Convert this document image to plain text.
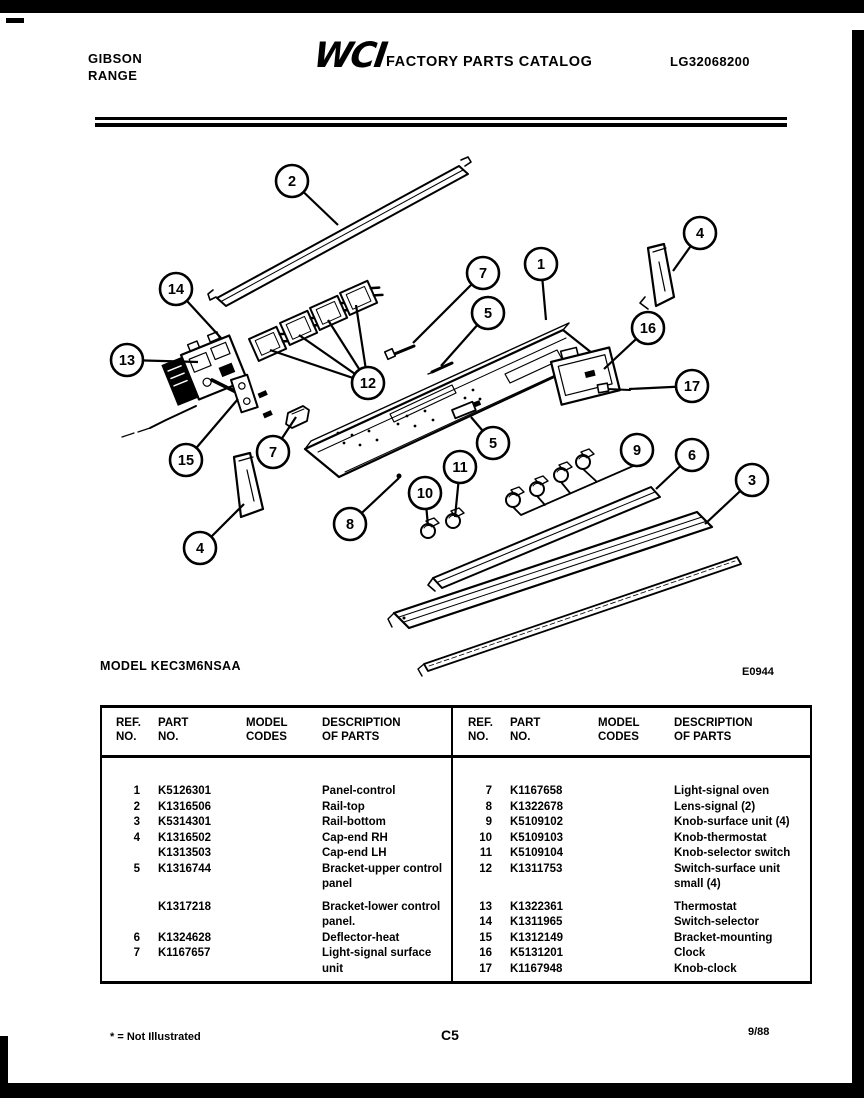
GIBSON
RANGE	WCI
FACTORY PARTS CATALOG	LG32068200
2
4
14
7
1
5
16
13
12	17
15	7
5	9	6
3
11
10
8
4
MODEL KEC3M6NSAA	E0944
REF.
NO.
PART
NO.
MODEL
CODES
DESCRIPTION
OF PARTS
REF.
NO.
PART
NO.
MODEL
CODES
DESCRIPTION
OF PARTS
1 K5126301	Panel-control
2 K1316506	Rail-top
3 K5314301	Rail-bottom
4 K1316502	Cap-end RH
K1313503	Cap-end LH
5 K1316744	Bracket-upper control panel
K1317218	Bracket-lower control panel.
6 K1324628	Deflector-heat
7 K1167657	Light-signal surface unit
7 K1167658	Light-signal oven
8 K1322678	Lens-signal (2)
9 K5109102	Knob-surface unit (4)
10 K5109103	Knob-thermostat
11 K5109104	Knob-selector switch
12 K1311753	Switch-surface unit small (4)
13 K1322361	Thermostat
14 K1311965	Switch-selector
15 K1312149	Bracket-mounting
16 K5131201	Clock
17 K1167948	Knob-clock
* = Not Illustrated	C5	9/88
